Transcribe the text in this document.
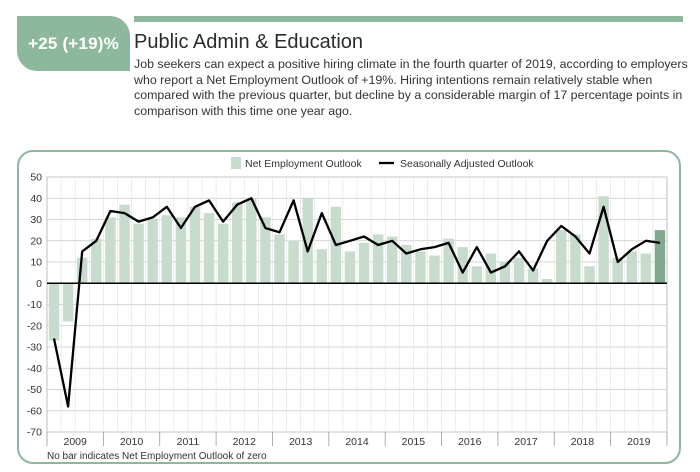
+25 (+19)% Public Admin & Education

Job seekers can expect a positive hiring climate in the fourth quarter of 2019, according to employers who report a Net Employment Outlook of +19%. Hiring intentions remain relatively stable when compared with the previous quarter, but decline by a considerable margin of 17 percentage points in comparison with this time one year ago.

50
40
30
20
10
0
-10
-20
-30
-40
-50
-60
-70
2009	2010	2011	2012	2013	2014	2015	2016	2017	2018	2019
Net Employment Outlook	Seasonally Adjusted Outlook
No bar indicates Net Employment Outlook of zero
